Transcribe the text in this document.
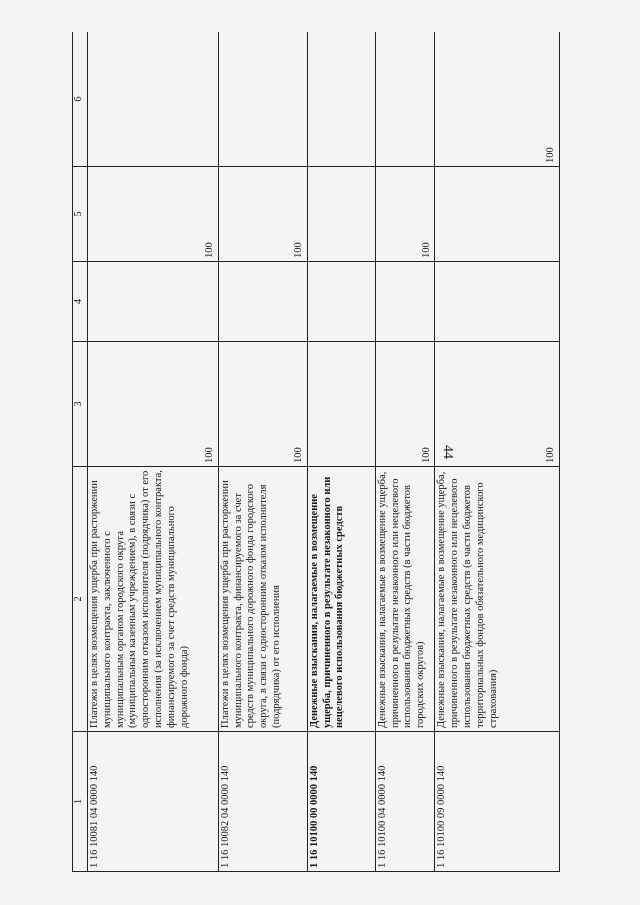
44
1	2	3	4	5	6
1 16 10081 04 0000 140	Платежи в целях возмещения ущерба при расторжении муниципального контракта, заключенного с муниципальным органом городского округа (муниципальным казенным учреждением), в связи с односторонним отказом исполнителя (подрядчика) от его исполнения (за исключением муниципального контракта, финансируемого за счет средств муниципального дорожного фонда)	100		100	
1 16 10082 04 0000 140	Платежи в целях возмещения ущерба при расторжении муниципального контракта, финансируемого за счет средств муниципального дорожного фонда городского округа, в связи с односторонним отказом исполнителя (подрядчика) от его исполнения	100		100	
1 16 10100 00 0000 140	Денежные взыскания, налагаемые в возмещение ущерба, причиненного в результате незаконного или нецелевого использования бюджетных средств				
1 16 10100 04 0000 140	Денежные взыскания, налагаемые в возмещение ущерба, причиненного в результате незаконного или нецелевого использования бюджетных средств (в части бюджетов городских округов)	100		100	
1 16 10100 09 0000 140	Денежные взыскания, налагаемые в возмещение ущерба, причиненного в результате незаконного или нецелевого использования бюджетных средств (в части бюджетов территориальных фондов обязательного медицинского страхования)	100			100
